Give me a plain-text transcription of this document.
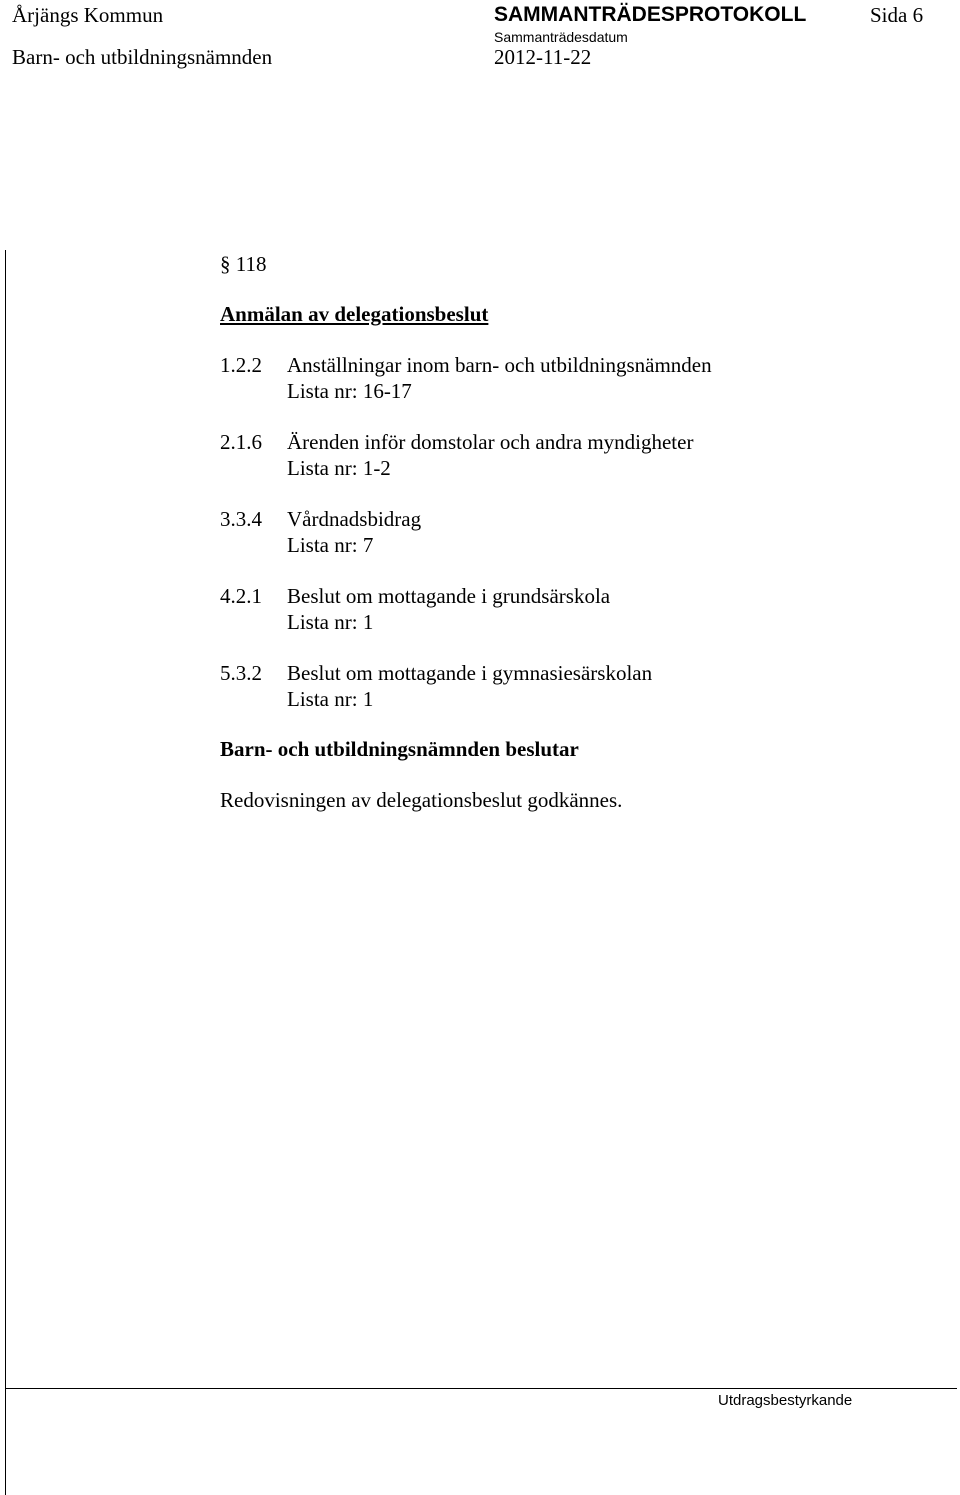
Årjängs Kommun	SAMMANTRÄDESPROTOKOLL	Sida 6
Barn- och utbildningsnämnden
Sammanträdesdatum
2012-11-22
§ 118
Anmälan av delegationsbeslut
1.2.2 Anställningar inom barn- och utbildningsnämnden
Lista nr: 16-17
2.1.6 Ärenden inför domstolar och andra myndigheter
Lista nr: 1-2
3.3.4 Vårdnadsbidrag
Lista nr: 7
4.2.1 Beslut om mottagande i grundsärskola
Lista nr: 1
5.3.2 Beslut om mottagande i gymnasiesärskolan
Lista nr: 1
Barn- och utbildningsnämnden beslutar
Redovisningen av delegationsbeslut godkännes.
Utdragsbestyrkande
